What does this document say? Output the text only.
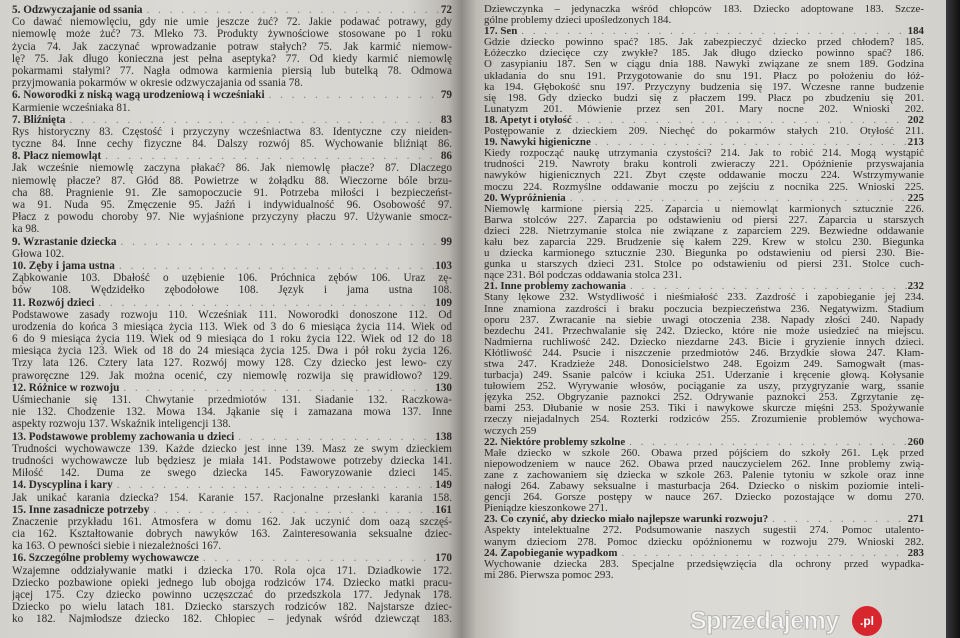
5. Odzwyczajanie od ssania . . .	72
Co dawać niemowlęciu, gdy nie umie jeszcze żuć? 72. Jakie podawać potrawy, gdy
niemowlę może żuć? 73. Mleko 73. Produkty żywnościowe stosowane po 1 roku
życia 74. Jak zaczynać wprowadzanie potraw stałych? 75. Jak karmić niemow-
lę? 75. Jak długo konieczna jest pełna aseptyka? 77. Od kiedy karmić niemowlę
pokarmami stałymi? 77. Nagła odmowa karmienia piersią lub butelką 78. Odmowa
przyjmowania pokarmów w okresie odzwyczajania od ssania 78.
6. Noworodki z niską wagą urodzeniową i wcześniaki . . .	79
Karmienie wcześniaka 81.
7. Bliźnięta . . .	83
Rys historyczny 83. Częstość i przyczyny wcześniactwa 83. Identyczne czy nieiden-
tyczne 84. Inne cechy fizyczne 84. Dalszy rozwój 85. Wychowanie bliźniąt 86.
8. Płacz niemowląt . . .	86
Jak wcześnie niemowlę zaczyna płakać? 86. Jak niemowlę płacze? 87. Dlaczego
niemowlę płacze? 87. Głód 88. Powietrze w żołądku 88. Wieczorne bóle brzu-
cha 88. Pragnienie 91. Złe samopoczucie 91. Potrzeba miłości i bezpieczeńst-
wa 91. Nuda 95. Zmęczenie 95. Jaźń i indywidualność 96. Osobowość 97.
Płacz z powodu choroby 97. Nie wyjaśnione przyczyny płaczu 97. Używanie smocz-
ka 98.
9. Wzrastanie dziecka . . .	99
Głowa 102.
10. Zęby i jama ustna . . .	103
Ząbkowanie 103. Dbałość o uzębienie 106. Próchnica zębów 106. Uraz zę-
bów 108. Wędzidełko zębodołowe 108. Język i jama ustna 108.
11. Rozwój dzieci . . .	109
Podstawowe zasady rozwoju 110. Wcześniak 111. Noworodki donoszone 112. Od
urodzenia do końca 3 miesiąca życia 113. Wiek od 3 do 6 miesiąca życia 114. Wiek od
6 do 9 miesiąca życia 119. Wiek od 9 miesiąca do 1 roku życia 122. Wiek od 12 do 18
miesiąca życia 123. Wiek od 18 do 24 miesiąca życia 125. Dwa i pół roku życia 126.
Trzy lata 126. Cztery lata 127. Rozwój mowy 128. Czy dziecko jest lewo- czy
praworęczne 129. Jak można ocenić, czy niemowlę rozwija się prawidłowo? 129.
12. Różnice w rozwoju . . .	130
Uśmiechanie się 131. Chwytanie przedmiotów 131. Siadanie 132. Raczkowa-
nie 132. Chodzenie 132. Mowa 134. Jąkanie się i zamazana mowa 137. Inne
aspekty rozwoju 137. Wskaźnik inteligencji 138.
13. Podstawowe problemy zachowania u dzieci . . .	138
Trudności wychowawcze 139. Każde dziecko jest inne 139. Masz ze swym dzieckiem
trudności wychowawcze lub będziesz je miała 141. Podstawowe potrzeby dziecka 141.
Miłość 142. Duma ze swego dziecka 145. Faworyzowanie dzieci 145.
14. Dyscyplina i kary . . .	149
Jak unikać karania dziecka? 154. Karanie 157. Racjonalne przesłanki karania 158.
15. Inne zasadnicze potrzeby . . .	161
Znaczenie przykładu 161. Atmosfera w domu 162. Jak uczynić dom oazą szczęś-
cia 162. Kształtowanie dobrych nawyków 163. Zainteresowania seksualne dziec-
ka 163. O pewności siebie i niezależności 167.
16. Szczególne problemy wychowawcze . . .	170
Wzajemne oddziaływanie matki i dziecka 170. Rola ojca 171. Dziadkowie 172.
Dziecko pozbawione opieki jednego lub obojga rodziców 174. Dziecko matki pracu-
jącej 175. Czy dziecko powinno uczęszczać do przedszkola 177. Jedynak 178.
Dziecko po wielu latach 181. Dziecko starszych rodziców 182. Najstarsze dziec-
ko 182. Najmłodsze dziecko 182. Chłopiec – jedynak wśród dziewcząt 183.
Dziewczynka – jedynaczka wśród chłopców 183. Dziecko adoptowane 183. Szcze-
gólne problemy dzieci upośledzonych 184.
17. Sen . . .	184
Gdzie dziecko powinno spać? 185. Jak zabezpieczyć dziecko przed chłodem? 185.
Łóżeczko dziecięce czy zwykłe? 185. Jak długo dziecko powinno spać? 186.
O zasypianiu 187. Sen w ciągu dnia 188. Nawyki związane ze snem 189. Godzina
układania do snu 191. Przygotowanie do snu 191. Płacz po położeniu do łóż-
ka 194. Głębokość snu 197. Przyczyny budzenia się 197. Wczesne ranne budzenie
się 198. Gdy dziecko budzi się z płaczem 199. Płacz po zbudzeniu się 201.
Lunatyzm 201. Mówienie przez sen 201. Mary nocne 202. Wnioski 202.
18. Apetyt i otyłość . . .	202
Postępowanie z dzieckiem 209. Niechęć do pokarmów stałych 210. Otyłość 211.
19. Nawyki higieniczne . . .	213
Kiedy rozpocząć naukę utrzymania czystości? 214. Jak to robić 214. Mogą wystąpić
trudności 219. Nawroty braku kontroli zwieraczy 221. Opóźnienie przyswajania
nawyków higienicznych 221. Zbyt częste oddawanie moczu 224. Wstrzymywanie
moczu 224. Rozmyślne oddawanie moczu po zejściu z nocnika 225. Wnioski 225.
20. Wypróżnienia . . .	225
Niemowlę karmione piersią 225. Zaparcia u niemowląt karmionych sztucznie 226.
Barwa stolców 227. Zaparcia po odstawieniu od piersi 227. Zaparcia u starszych
dzieci 228. Nietrzymanie stolca nie związane z zaparciem 229. Bezwiedne oddawanie
kału bez zaparcia 229. Brudzenie się kałem 229. Krew w stolcu 230. Biegunka
u dziecka karmionego sztucznie 230. Biegunka po odstawieniu od piersi 230. Bie-
gunka u starszych dzieci 231. Stolce po odstawieniu od piersi 231. Stolce cuch-
nące 231. Ból podczas oddawania stolca 231.
21. Inne problemy zachowania . . .	232
Stany lękowe 232. Wstydliwość i nieśmiałość 233. Zazdrość i zapobieganie jej 234.
Inne znamiona zazdrości i braku poczucia bezpieczeństwa 236. Negatywizm. Stadium
oporu 237. Zwracanie na siebie uwagi otoczenia 238. Napady złości 240. Napady
bezdechu 241. Przechwalanie się 242. Dziecko, które nie może usiedzieć na miejscu.
Nadmierna ruchliwość 242. Dziecko niezdarne 243. Bicie i gryzienie innych dzieci.
Kłótliwość 244. Psucie i niszczenie przedmiotów 246. Brzydkie słowa 247. Kłam-
stwa 247. Kradzieże 248. Donosicielstwo 248. Egoizm 249. Samogwałt (mas-
turbacja) 249. Ssanie palców i kciuka 251. Uderzanie i kręcenie głową. Kołysanie
tułowiem 252. Wyrywanie włosów, pociąganie za uszy, przygryzanie warg, ssanie
języka 252. Obgryzanie paznokci 252. Odrywanie paznokci 253. Zgrzytanie zę-
bami 253. Dłubanie w nosie 253. Tiki i nawykowe skurcze mięśni 253. Spożywanie
rzeczy niejadalnych 254. Rozterki rodziców 255. Zrozumienie problemów wychowa-
wczych 259
22. Niektóre problemy szkolne . . .	260
Małe dziecko w szkole 260. Obawa przed pójściem do szkoły 261. Lęk przed
niepowodzeniem w nauce 262. Obawa przed nauczycielem 262. Inne problemy zwią-
zane z zachowaniem się dziecka w szkole 263. Palenie tytoniu w szkole oraz inne
nałogi 264. Zabawy seksualne i masturbacja 264. Dziecko o niskim poziomie inteli-
gencji 264. Gorsze postępy w nauce 267. Dziecko pozostające w domu 270.
Pieniądze kieszonkowe 271.
23. Co czynić, aby dziecko miało najlepsze warunki rozwoju? . . .	271
Aspekty intelektualne 272. Podsumowanie naszych sugestii 274. Pomoc utalento-
wanym dzieciom 278. Pomoc dziecku opóźnionemu w rozwoju 279. Wnioski 282.
24. Zapobieganie wypadkom . . .	283
Wychowanie dziecka 283. Specjalne przedsięwzięcia dla ochrony przed wypadka-
mi 286. Pierwsza pomoc 293.
Sprzedajemy	.pl
